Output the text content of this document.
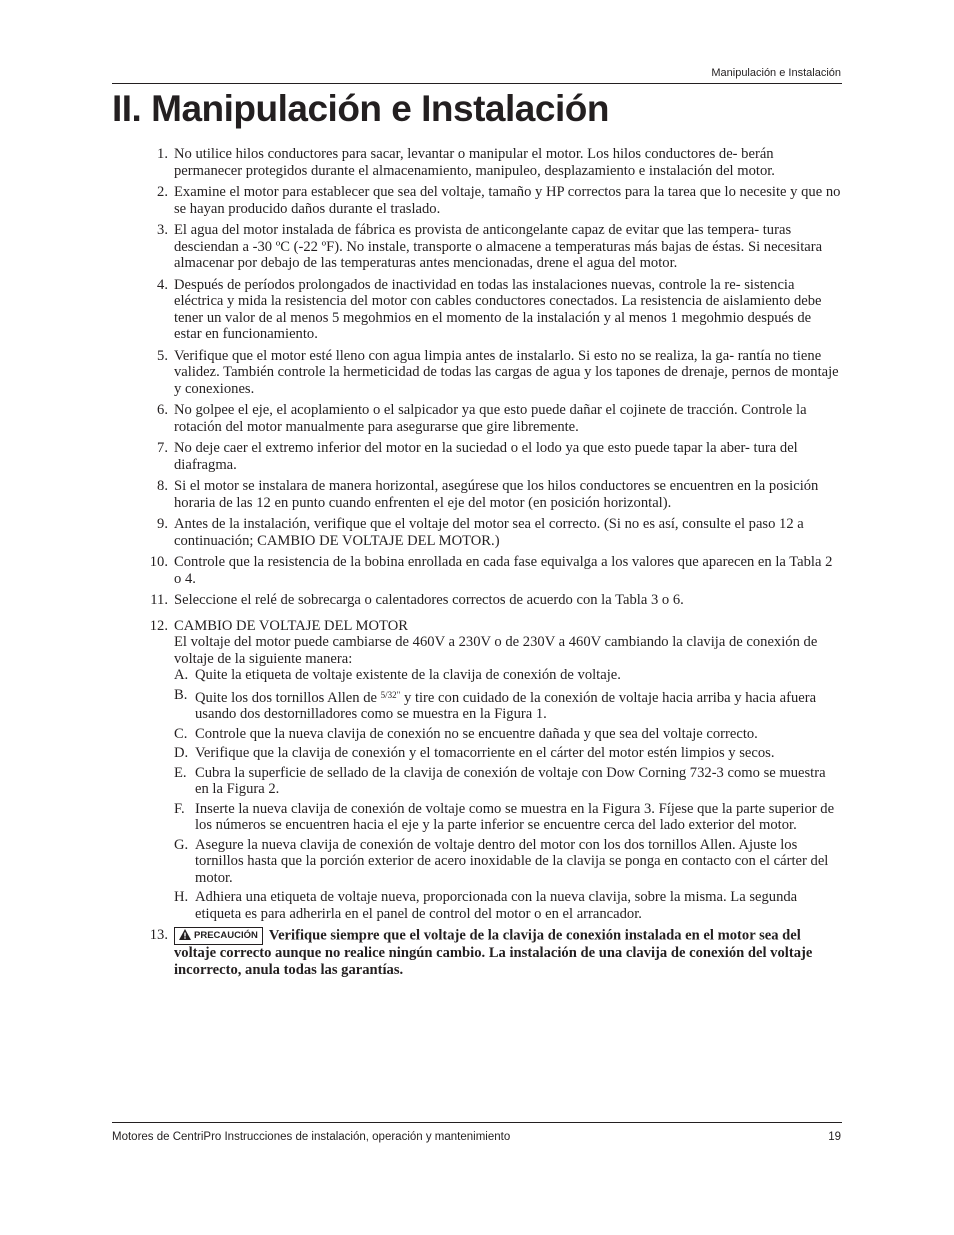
Manipulación e Instalación
II. Manipulación e Instalación
1. No utilice hilos conductores para sacar, levantar o manipular el motor. Los hilos conductores de- berán permanecer protegidos durante el almacenamiento, manipuleo, desplazamiento e instalación del motor.

2. Examine el motor para establecer que sea del voltaje, tamaño y HP correctos para la tarea que lo necesite y que no se hayan producido daños durante el traslado.

3. El agua del motor instalada de fábrica es provista de anticongelante capaz de evitar que las tempera- turas desciendan a -30 ºC (-22 ºF). No instale, transporte o almacene a temperaturas más bajas de éstas. Si necesitara almacenar por debajo de las temperaturas antes mencionadas, drene el agua del motor.

4. Después de períodos prolongados de inactividad en todas las instalaciones nuevas, controle la re- sistencia eléctrica y mida la resistencia del motor con cables conductores conectados. La resistencia de aislamiento debe tener un valor de al menos 5 megohmios en el momento de la instalación y al menos 1 megohmio después de estar en funcionamiento.

5. Verifique que el motor esté lleno con agua limpia antes de instalarlo. Si esto no se realiza, la ga- rantía no tiene validez. También controle la hermeticidad de todas las cargas de agua y los tapones de drenaje, pernos de montaje y conexiones.

6. No golpee el eje, el acoplamiento o el salpicador ya que esto puede dañar el cojinete de tracción. Controle la rotación del motor manualmente para asegurarse que gire libremente.

7. No deje caer el extremo inferior del motor en la suciedad o el lodo ya que esto puede tapar la aber- tura del diafragma.

8. Si el motor se instalara de manera horizontal, asegúrese que los hilos conductores se encuentren en la posición horaria de las 12 en punto cuando enfrenten el eje del motor (en posición horizontal).

9. Antes de la instalación, verifique que el voltaje del motor sea el correcto. (Si no es así, consulte el paso 12 a continuación; CAMBIO DE VOLTAJE DEL MOTOR.)

10. Controle que la resistencia de la bobina enrollada en cada fase equivalga a los valores que aparecen en la Tabla 2 o 4.

11. Seleccione el relé de sobrecarga o calentadores correctos de acuerdo con la Tabla 3 o 6.

12. CAMBIO DE VOLTAJE DEL MOTOR

El voltaje del motor puede cambiarse de 460V a 230V o de 230V a 460V cambiando la clavija de conexión de voltaje de la siguiente manera:

A. Quite la etiqueta de voltaje existente de la clavija de conexión de voltaje.
B. Quite los dos tornillos Allen de $^{5/32"}$ y tire con cuidado de la conexión de voltaje hacia arriba y hacia afuera usando dos destornilladores como se muestra en la Figura 1.
C. Controle que la nueva clavija de conexión no se encuentre dañada y que sea del voltaje correcto.
D. Verifique que la clavija de conexión y el tomacorriente en el cárter del motor estén limpios y secos.
E. Cubra la superficie de sellado de la clavija de conexión de voltaje con Dow Corning 732-3 como se muestra en la Figura 2.
F. Inserte la nueva clavija de conexión de voltaje como se muestra en la Figura 3. Fíjese que la parte superior de los números se encuentren hacia el eje y la parte inferior se encuentre cerca del lado exterior del motor.
G. Asegure la nueva clavija de conexión de voltaje dentro del motor con los dos tornillos Allen. Ajuste los tornillos hasta que la porción exterior de acero inoxidable de la clavija se ponga en contacto con el cárter del motor.
H. Adhiera una etiqueta de voltaje nueva, proporcionada con la nueva clavija, sobre la misma. La segunda etiqueta es para adherirla en el panel de control del motor o en el arrancador.
13.	PRECAUCIÓN Verifique siempre que el voltaje de la clavija de conexión instalada en el motor sea del voltaje correcto aunque no realice ningún cambio. La instalación de una clavija de conexión del voltaje incorrecto, anula todas las garantías.

Motores de CentriPro Instrucciones de instalación, operación y mantenimiento	19
